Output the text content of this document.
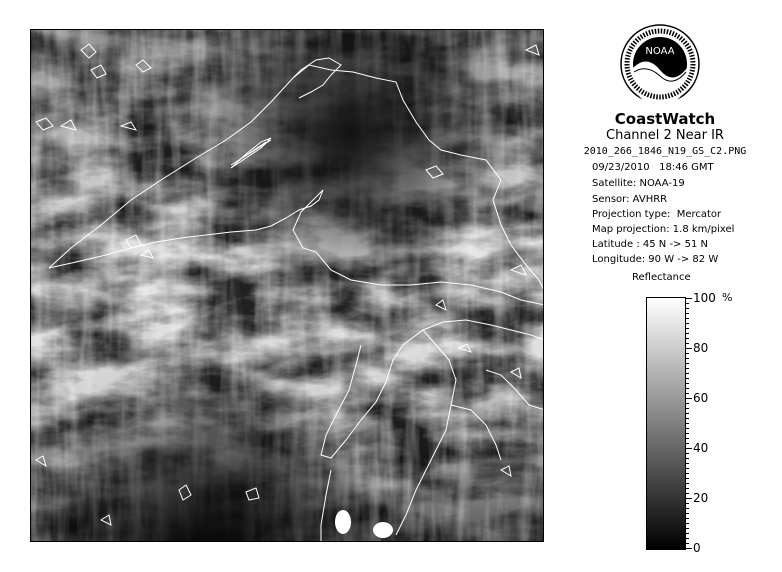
NOAA
CoastWatch
Channel 2 Near IR
2010_266_1846_N19_GS_C2.PNG
09/23/2010   18:46 GMT
Satellite: NOAA-19
Sensor: AVHRR
Projection type:  Mercator
Map projection: 1.8 km/pixel
Latitude : 45 N -> 51 N
Longitude: 90 W -> 82 W
Reflectance
%
100
80
60
40
20
0
